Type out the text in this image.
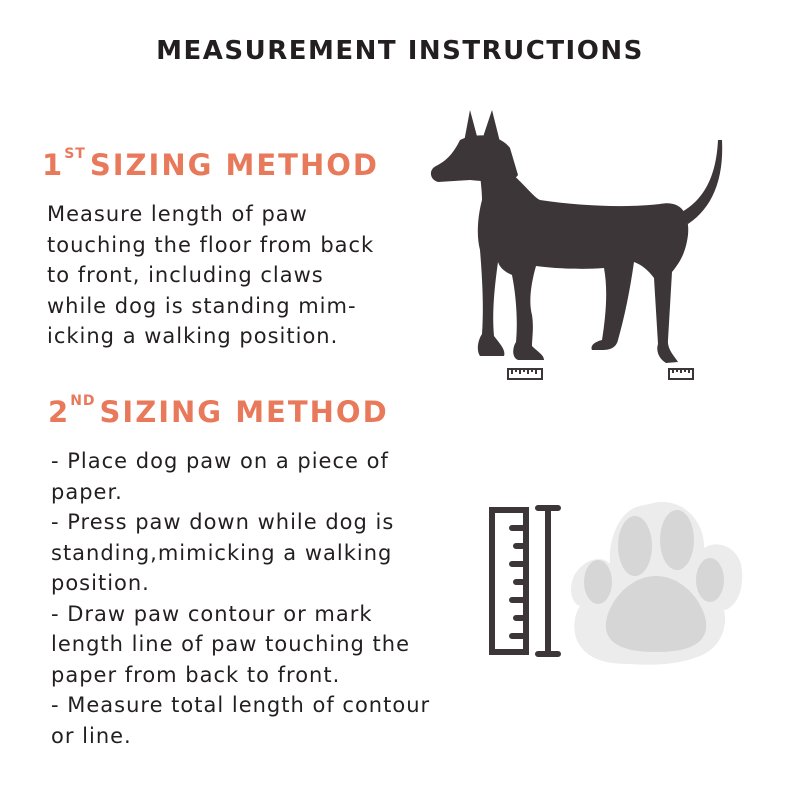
MEASUREMENT INSTRUCTIONS
1ST SIZING METHOD
Measure length of paw
touching the floor from back
to front, including claws
while dog is standing mim-
icking a walking position.
2ND SIZING METHOD
- Place dog paw on a piece of
paper.
- Press paw down while dog is
standing,mimicking a walking
position.
- Draw paw contour or mark
length line of paw touching the
paper from back to front.
- Measure total length of contour
or line.
